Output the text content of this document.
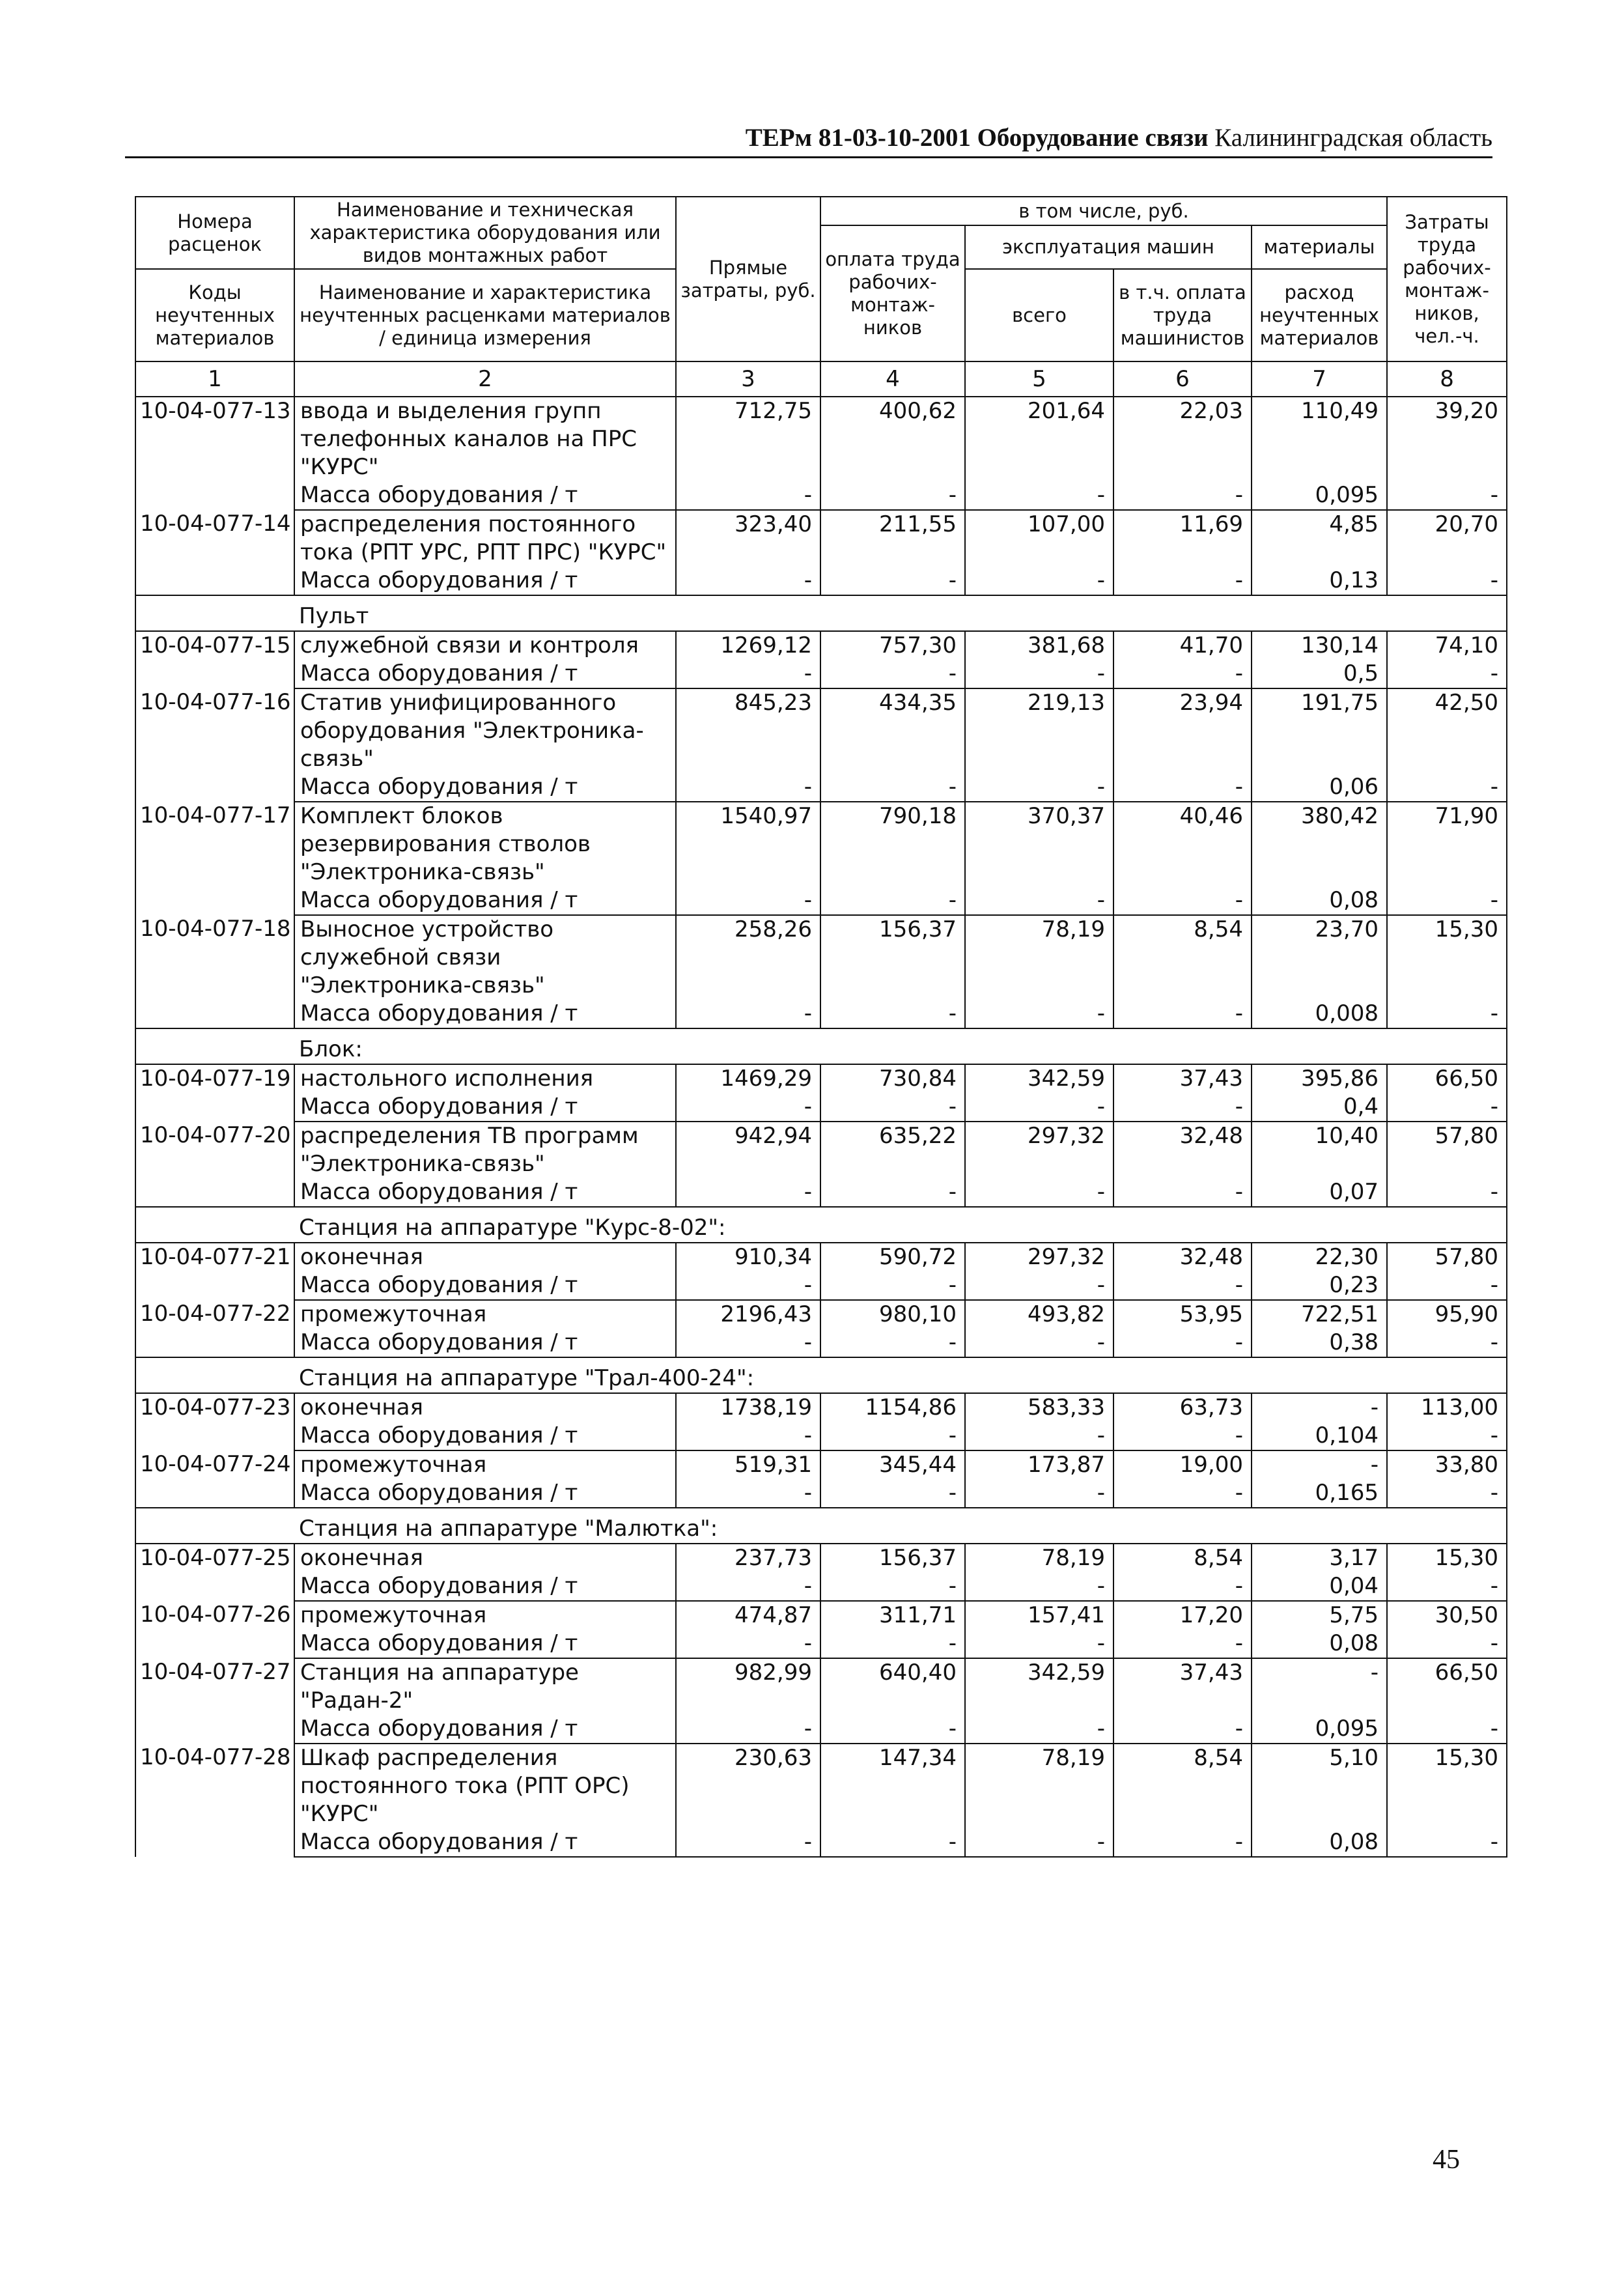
ТЕРм 81-03-10-2001 Оборудование связи Калининградская область
Номера расценок	Наименование и техническая характеристика оборудования или видов монтажных работ	Прямые затраты, руб.	в том числе, руб.				Затраты труда рабочих-монтаж-ников, чел.-ч.
			оплата труда рабочих-монтаж-ников	эксплуатация машин		материалы	
Коды неучтенных материалов	Наименование и характеристика неучтенных расценками материалов / единица измерения			всего	в т.ч. оплата труда машинистов	расход неучтенных материалов	
1	2	3	4	5	6	7	8
10-04-077-13	ввода и выделения групп телефонных каналов на ПРС "КУРС"	712,75	400,62	201,64	22,03	110,49	39,20
	Масса оборудования / т	-	-	-	-	0,095	-
10-04-077-14	распределения постоянного тока (РПТ УРС, РПТ ПРС) "КУРС"	323,40	211,55	107,00	11,69	4,85	20,70
	Масса оборудования / т	-	-	-	-	0,13	-
Пульт							
10-04-077-15	служебной связи и контроля	1269,12	757,30	381,68	41,70	130,14	74,10
	Масса оборудования / т	-	-	-	-	0,5	-
10-04-077-16	Статив унифицированного оборудования "Электроника-связь"	845,23	434,35	219,13	23,94	191,75	42,50
	Масса оборудования / т	-	-	-	-	0,06	-
10-04-077-17	Комплект блоков резервирования стволов "Электроника-связь"	1540,97	790,18	370,37	40,46	380,42	71,90
	Масса оборудования / т	-	-	-	-	0,08	-
10-04-077-18	Выносное устройство служебной связи "Электроника-связь"	258,26	156,37	78,19	8,54	23,70	15,30
	Масса оборудования / т	-	-	-	-	0,008	-
Блок:							
10-04-077-19	настольного исполнения	1469,29	730,84	342,59	37,43	395,86	66,50
	Масса оборудования / т	-	-	-	-	0,4	-
10-04-077-20	распределения ТВ программ "Электроника-связь"	942,94	635,22	297,32	32,48	10,40	57,80
	Масса оборудования / т	-	-	-	-	0,07	-
Станция на аппаратуре "Курс-8-02":							
10-04-077-21	оконечная	910,34	590,72	297,32	32,48	22,30	57,80
	Масса оборудования / т	-	-	-	-	0,23	-
10-04-077-22	промежуточная	2196,43	980,10	493,82	53,95	722,51	95,90
	Масса оборудования / т	-	-	-	-	0,38	-
Станция на аппаратуре "Трал-400-24":							
10-04-077-23	оконечная	1738,19	1154,86	583,33	63,73	-	113,00
	Масса оборудования / т	-	-	-	-	0,104	-
10-04-077-24	промежуточная	519,31	345,44	173,87	19,00	-	33,80
	Масса оборудования / т	-	-	-	-	0,165	-
Станция на аппаратуре "Малютка":							
10-04-077-25	оконечная	237,73	156,37	78,19	8,54	3,17	15,30
	Масса оборудования / т	-	-	-	-	0,04	-
10-04-077-26	промежуточная	474,87	311,71	157,41	17,20	5,75	30,50
	Масса оборудования / т	-	-	-	-	0,08	-
10-04-077-27	Станция на аппаратуре "Радан-2"	982,99	640,40	342,59	37,43	-	66,50
	Масса оборудования / т	-	-	-	-	0,095	-
10-04-077-28	Шкаф распределения постоянного тока (РПТ ОРС) "КУРС"	230,63	147,34	78,19	8,54	5,10	15,30
	Масса оборудования / т	-	-	-	-	0,08	-
45
